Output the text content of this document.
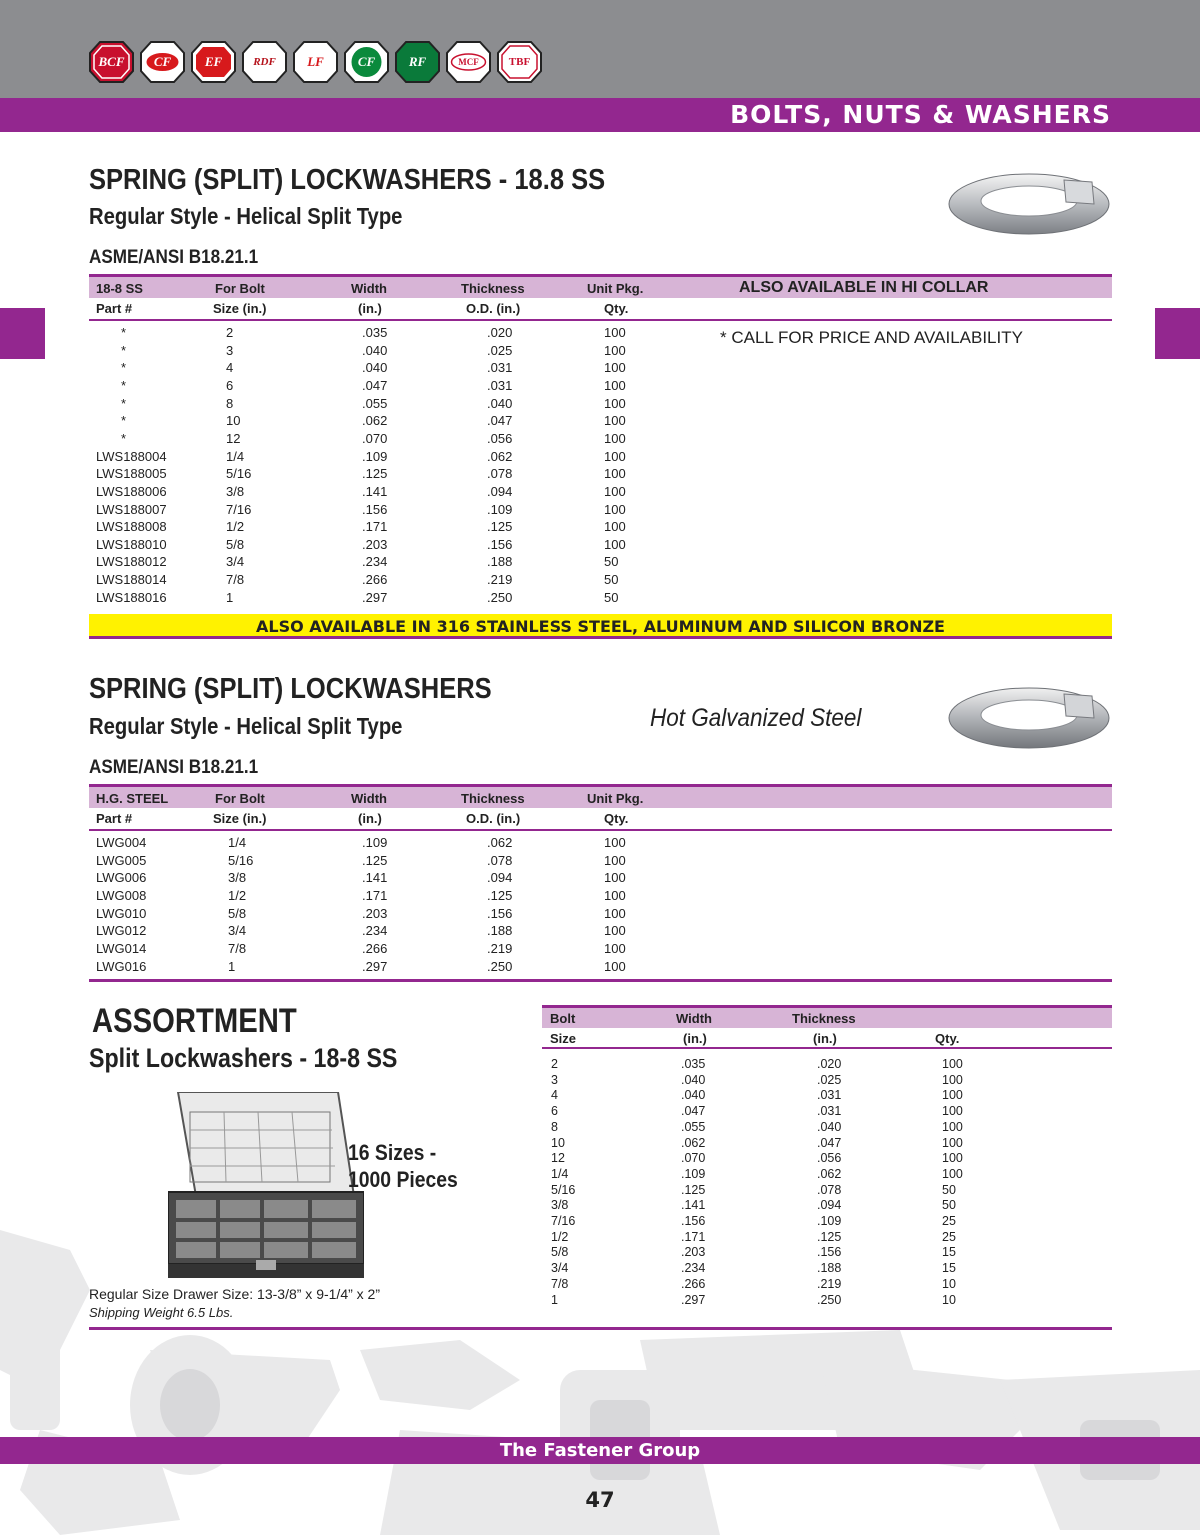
BCF	CF	EF	RDF	LF	CF	RF	MCF	TBF
BOLTS, NUTS & WASHERS
SPRING (SPLIT) LOCKWASHERS - 18.8 SS
Regular Style - Helical Split Type
ASME/ANSI B18.21.1
18-8 SS	For Bolt	Width	Thickness	Unit Pkg.	ALSO AVAILABLE IN HI COLLAR
Part #	Size (in.)	(in.)	O.D. (in.)	Qty.
* CALL FOR PRICE AND AVAILABILITY
*	2	.035	.020	100
*	3	.040	.025	100
*	4	.040	.031	100
*	6	.047	.031	100
*	8	.055	.040	100
*	10	.062	.047	100
*	12	.070	.056	100
LWS188004	1/4	.109	.062	100
LWS188005	5/16	.125	.078	100
LWS188006	3/8	.141	.094	100
LWS188007	7/16	.156	.109	100
LWS188008	1/2	.171	.125	100
LWS188010	5/8	.203	.156	100
LWS188012	3/4	.234	.188	50
LWS188014	7/8	.266	.219	50
LWS188016	1	.297	.250	50
ALSO AVAILABLE IN 316 STAINLESS STEEL, ALUMINUM AND SILICON BRONZE
SPRING (SPLIT) LOCKWASHERS
Regular Style - Helical Split Type	Hot Galvanized Steel
ASME/ANSI B18.21.1
H.G. STEEL	For Bolt	Width	Thickness	Unit Pkg.
Part #	Size (in.)	(in.)	O.D. (in.)	Qty.
LWG004	1/4	.109	.062	100
LWG005	5/16	.125	.078	100
LWG006	3/8	.141	.094	100
LWG008	1/2	.171	.125	100
LWG010	5/8	.203	.156	100
LWG012	3/4	.234	.188	100
LWG014	7/8	.266	.219	100
LWG016	1	.297	.250	100
ASSORTMENT
Split Lockwashers - 18-8 SS
16 Sizes -
1000 Pieces
Regular Size Drawer Size: 13-3/8” x 9-1/4” x 2”
Shipping Weight 6.5 Lbs.
Bolt	Width	Thickness
Size	(in.)	(in.)	Qty.
2	.035	.020	100
3	.040	.025	100
4	.040	.031	100
6	.047	.031	100
8	.055	.040	100
10	.062	.047	100
12	.070	.056	100
1/4	.109	.062	100
5/16	.125	.078	50
3/8	.141	.094	50
7/16	.156	.109	25
1/2	.171	.125	25
5/8	.203	.156	15
3/4	.234	.188	15
7/8	.266	.219	10
1	.297	.250	10
The Fastener Group
47
